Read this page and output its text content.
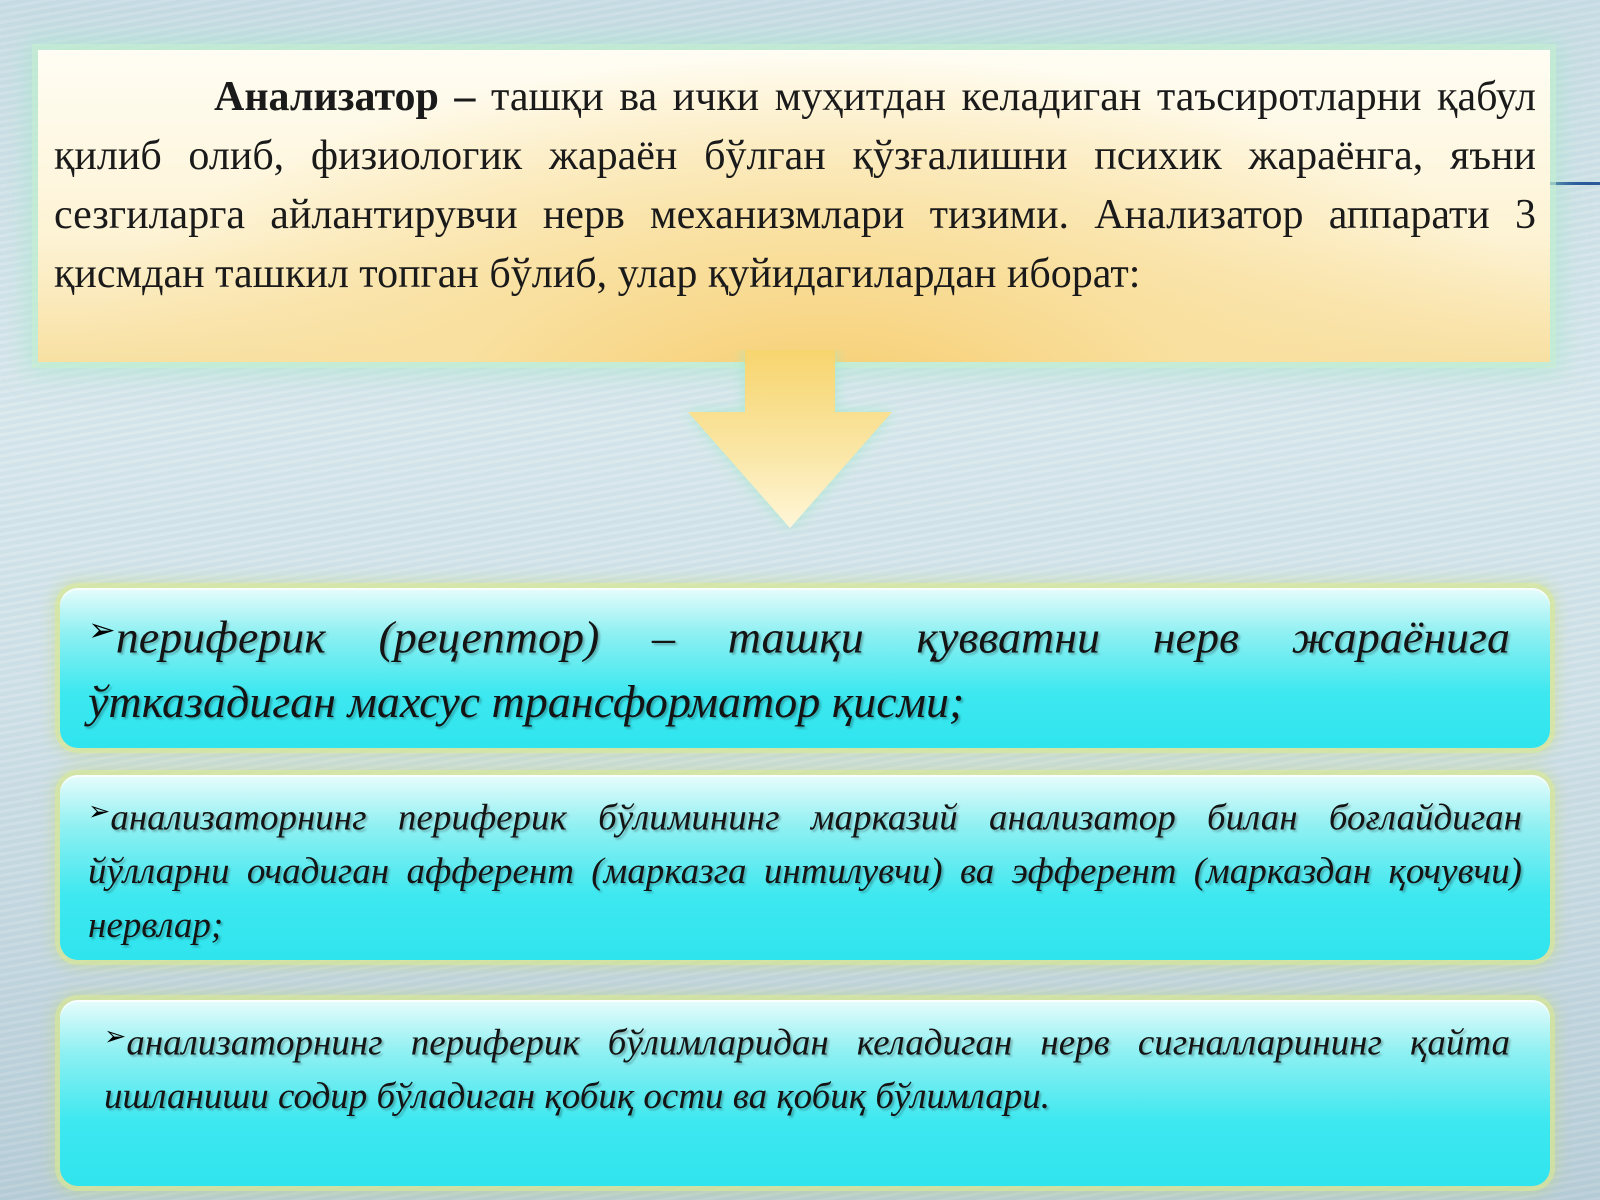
Анализатор – ташқи ва ички муҳитдан келадиган таъсиротларни қабул қилиб олиб, физиологик жараён бўлган қўзғалишни психик жараёнга, яъни сезгиларга айлантирувчи нерв механизмлари тизими. Анализатор аппарати 3 қисмдан ташкил топган бўлиб, улар қуйидагилардан иборат:

➢периферик (рецептор) – ташқи қувватни нерв жараёнига ўтказадиган махсус трансформатор қисми;

➢анализаторнинг периферик бўлимининг марказий анализатор билан боғлайдиган йўлларни очадиган афферент (марказга интилувчи) ва эфферент (марказдан қочувчи) нервлар;

➢анализаторнинг периферик бўлимларидан келадиган нерв сигналларининг қайта ишланиши содир бўладиган қобиқ ости ва қобиқ бўлимлари.
